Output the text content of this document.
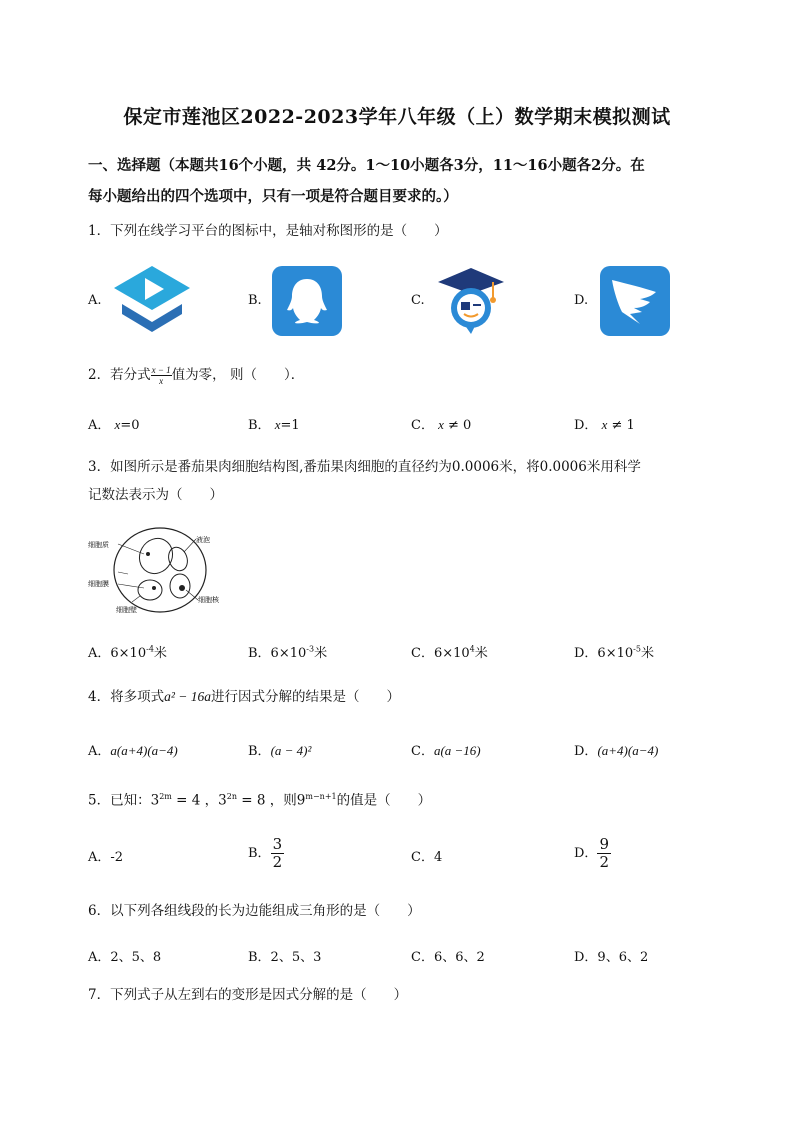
保定市莲池区2022-2023学年八年级（上）数学期末模拟测试
一、选择题（本题共16个小题，共 42分。1～10小题各3分，11～16小题各2分。在
每小题给出的四个选项中，只有一项是符合题目要求的。）
1．下列在线学习平台的图标中，是轴对称图形的是（　　）
A.	B.	C.	D.
2．若分式 $\frac{x - 1}{x}$ 值为零， 则（　　）．
A． x=0	B． x=1	C． x ≠ 0	D． x ≠ 1
3．如图所示是番茄果肉细胞结构图,番茄果肉细胞的直径约为0.0006米，将0.0006米用科学
记数法表示为（　　）
液泡
细胞质
细胞膜
细胞壁
细胞核
A．$6\times 10^{-4}$米	B．$6\times 10^{-3}$米	C．$6\times 10^4$米	D．$6\times 10^{-5}$米
4．将多项式a² − 16a进行因式分解的结果是（　　）
A．a(a+4)(a−4)	B．(a − 4)²	C．a(a −16)	D．(a+4)(a−4)
5．已知：$3^{2m} = 4$ ，$3^{2n} = 8$ ，则$9^{m-n+1}$的值是（　　）
A．-2	B． $\frac{3}{2}$	C．4	D． $\frac{9}{2}$
6．以下列各组线段的长为边能组成三角形的是（　　）
A．2、5、8	B．2、5、3	C．6、6、2	D．9、6、2
7．下列式子从左到右的变形是因式分解的是（　　）
